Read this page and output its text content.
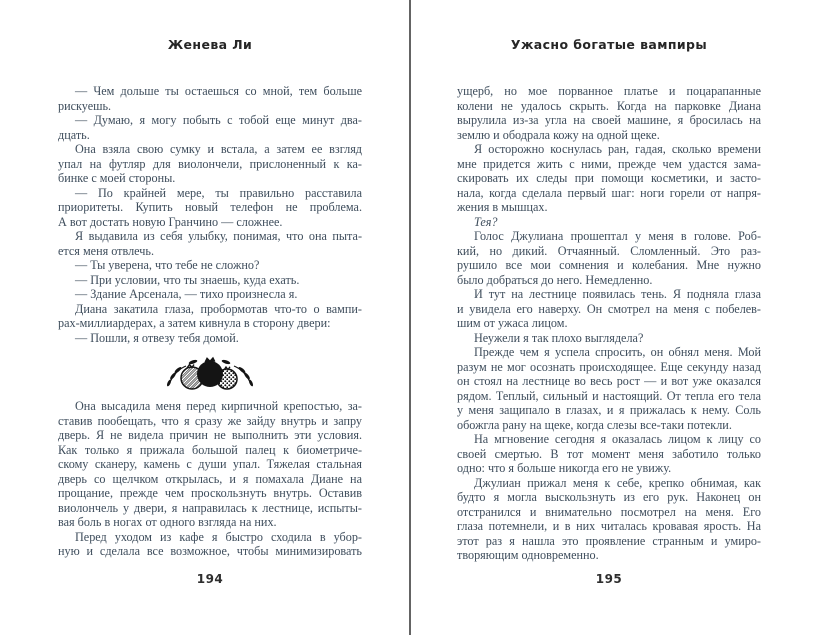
Женева Ли
— Чем дольше ты остаешься со мной, тем больше
рискуешь.
— Думаю, я могу побыть с тобой еще минут два-
дцать.
Она взяла свою сумку и встала, а затем ее взгляд
упал на футляр для виолончели, прислоненный к ка-
бинке с моей стороны.
— По крайней мере, ты правильно расставила
приоритеты. Купить новый телефон не проблема.
А вот достать новую Гранчино — сложнее.
Я выдавила из себя улыбку, понимая, что она пыта-
ется меня отвлечь.
— Ты уверена, что тебе не сложно?
— При условии, что ты знаешь, куда ехать.
— Здание Арсенала, — тихо произнесла я.
Диана закатила глаза, пробормотав что-то о вампи-
рах-миллиардерах, а затем кивнула в сторону двери:
— Пошли, я отвезу тебя домой.
Она высадила меня перед кирпичной крепостью, за-
ставив пообещать, что я сразу же зайду внутрь и запру
дверь. Я не видела причин не выполнить эти условия.
Как только я прижала большой палец к биометриче-
скому сканеру, камень с души упал. Тяжелая стальная
дверь со щелчком открылась, и я помахала Диане на
прощание, прежде чем проскользнуть внутрь. Оставив
виолончель у двери, я направилась к лестнице, испыты-
вая боль в ногах от одного взгляда на них.
Перед уходом из кафе я быстро сходила в убор-
ную и сделала все возможное, чтобы минимизировать
194
Ужасно богатые вампиры
ущерб, но мое порванное платье и поцарапанные
колени не удалось скрыть. Когда на парковке Диана
вырулила из-за угла на своей машине, я бросилась на
землю и ободрала кожу на одной щеке.
Я осторожно коснулась ран, гадая, сколько времени
мне придется жить с ними, прежде чем удастся зама-
скировать их следы при помощи косметики, и засто-
нала, когда сделала первый шаг: ноги горели от напря-
жения в мышцах.
Тея?
Голос Джулиана прошептал у меня в голове. Роб-
кий, но дикий. Отчаянный. Сломленный. Это раз-
рушило все мои сомнения и колебания. Мне нужно
было добраться до него. Немедленно.
И тут на лестнице появилась тень. Я подняла глаза
и увидела его наверху. Он смотрел на меня с побелев-
шим от ужаса лицом.
Неужели я так плохо выглядела?
Прежде чем я успела спросить, он обнял меня. Мой
разум не мог осознать происходящее. Еще секунду назад
он стоял на лестнице во весь рост — и вот уже оказался
рядом. Теплый, сильный и настоящий. От тепла его тела
у меня защипало в глазах, и я прижалась к нему. Соль
обожгла рану на щеке, когда слезы все-таки потекли.
На мгновение сегодня я оказалась лицом к лицу со
своей смертью. В тот момент меня заботило только
одно: что я больше никогда его не увижу.
Джулиан прижал меня к себе, крепко обнимая, как
будто я могла выскользнуть из его рук. Наконец он
отстранился и внимательно посмотрел на меня. Его
глаза потемнели, и в них читалась кровавая ярость. На
этот раз я нашла это проявление странным и умиро-
творяющим одновременно.
195
